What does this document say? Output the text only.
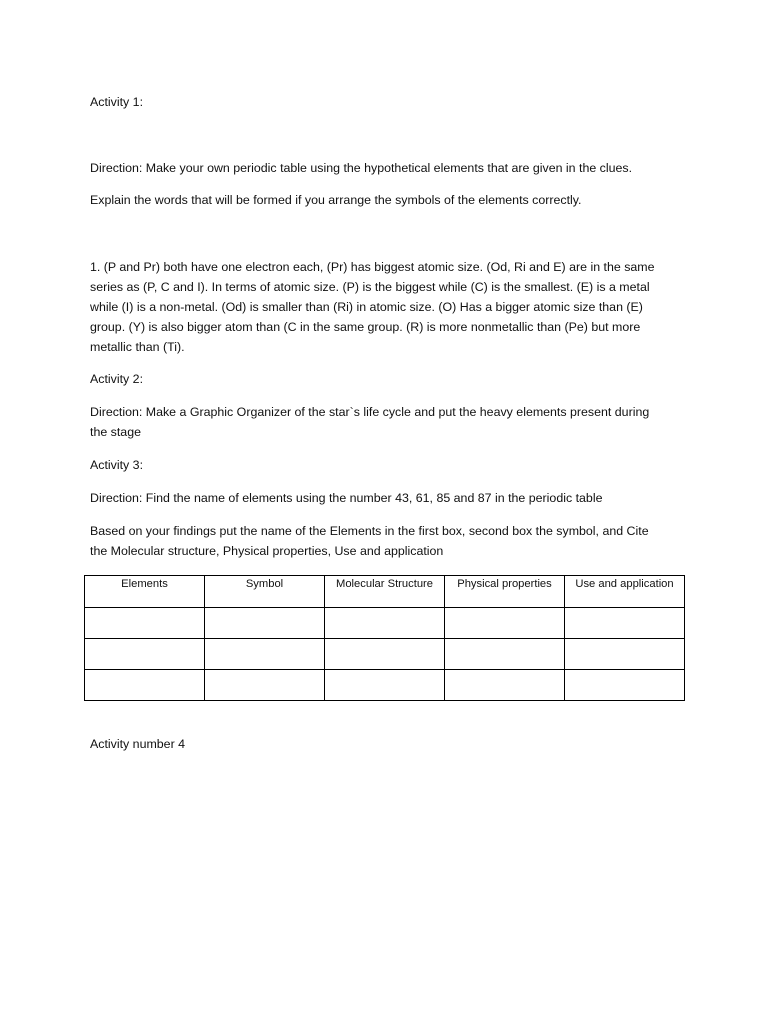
Activity 1:

Direction: Make your own periodic table using the hypothetical elements that are given in the clues.

Explain the words that will be formed if you arrange the symbols of the elements correctly.

1. (P and Pr) both have one electron each, (Pr) has biggest atomic size. (Od, Ri and E) are in the same

series as (P, C and I). In terms of atomic size. (P) is the biggest while (C) is the smallest. (E) is a metal

while (I) is a non-metal. (Od) is smaller than (Ri) in atomic size. (O) Has a bigger atomic size than (E)

group. (Y) is also bigger atom than (C in the same group. (R) is more nonmetallic than (Pe) but more

metallic than (Ti).

Activity 2:

Direction: Make a Graphic Organizer of the star`s life cycle and put the heavy elements present during

the stage

Activity 3:

Direction: Find the name of elements using the number 43, 61, 85 and 87 in the periodic table

Based on your findings put the name of the Elements in the first box, second box the symbol, and Cite

the Molecular structure, Physical properties, Use and application

Elements	Symbol	Molecular Structure	Physical properties	Use and application

Activity number 4
